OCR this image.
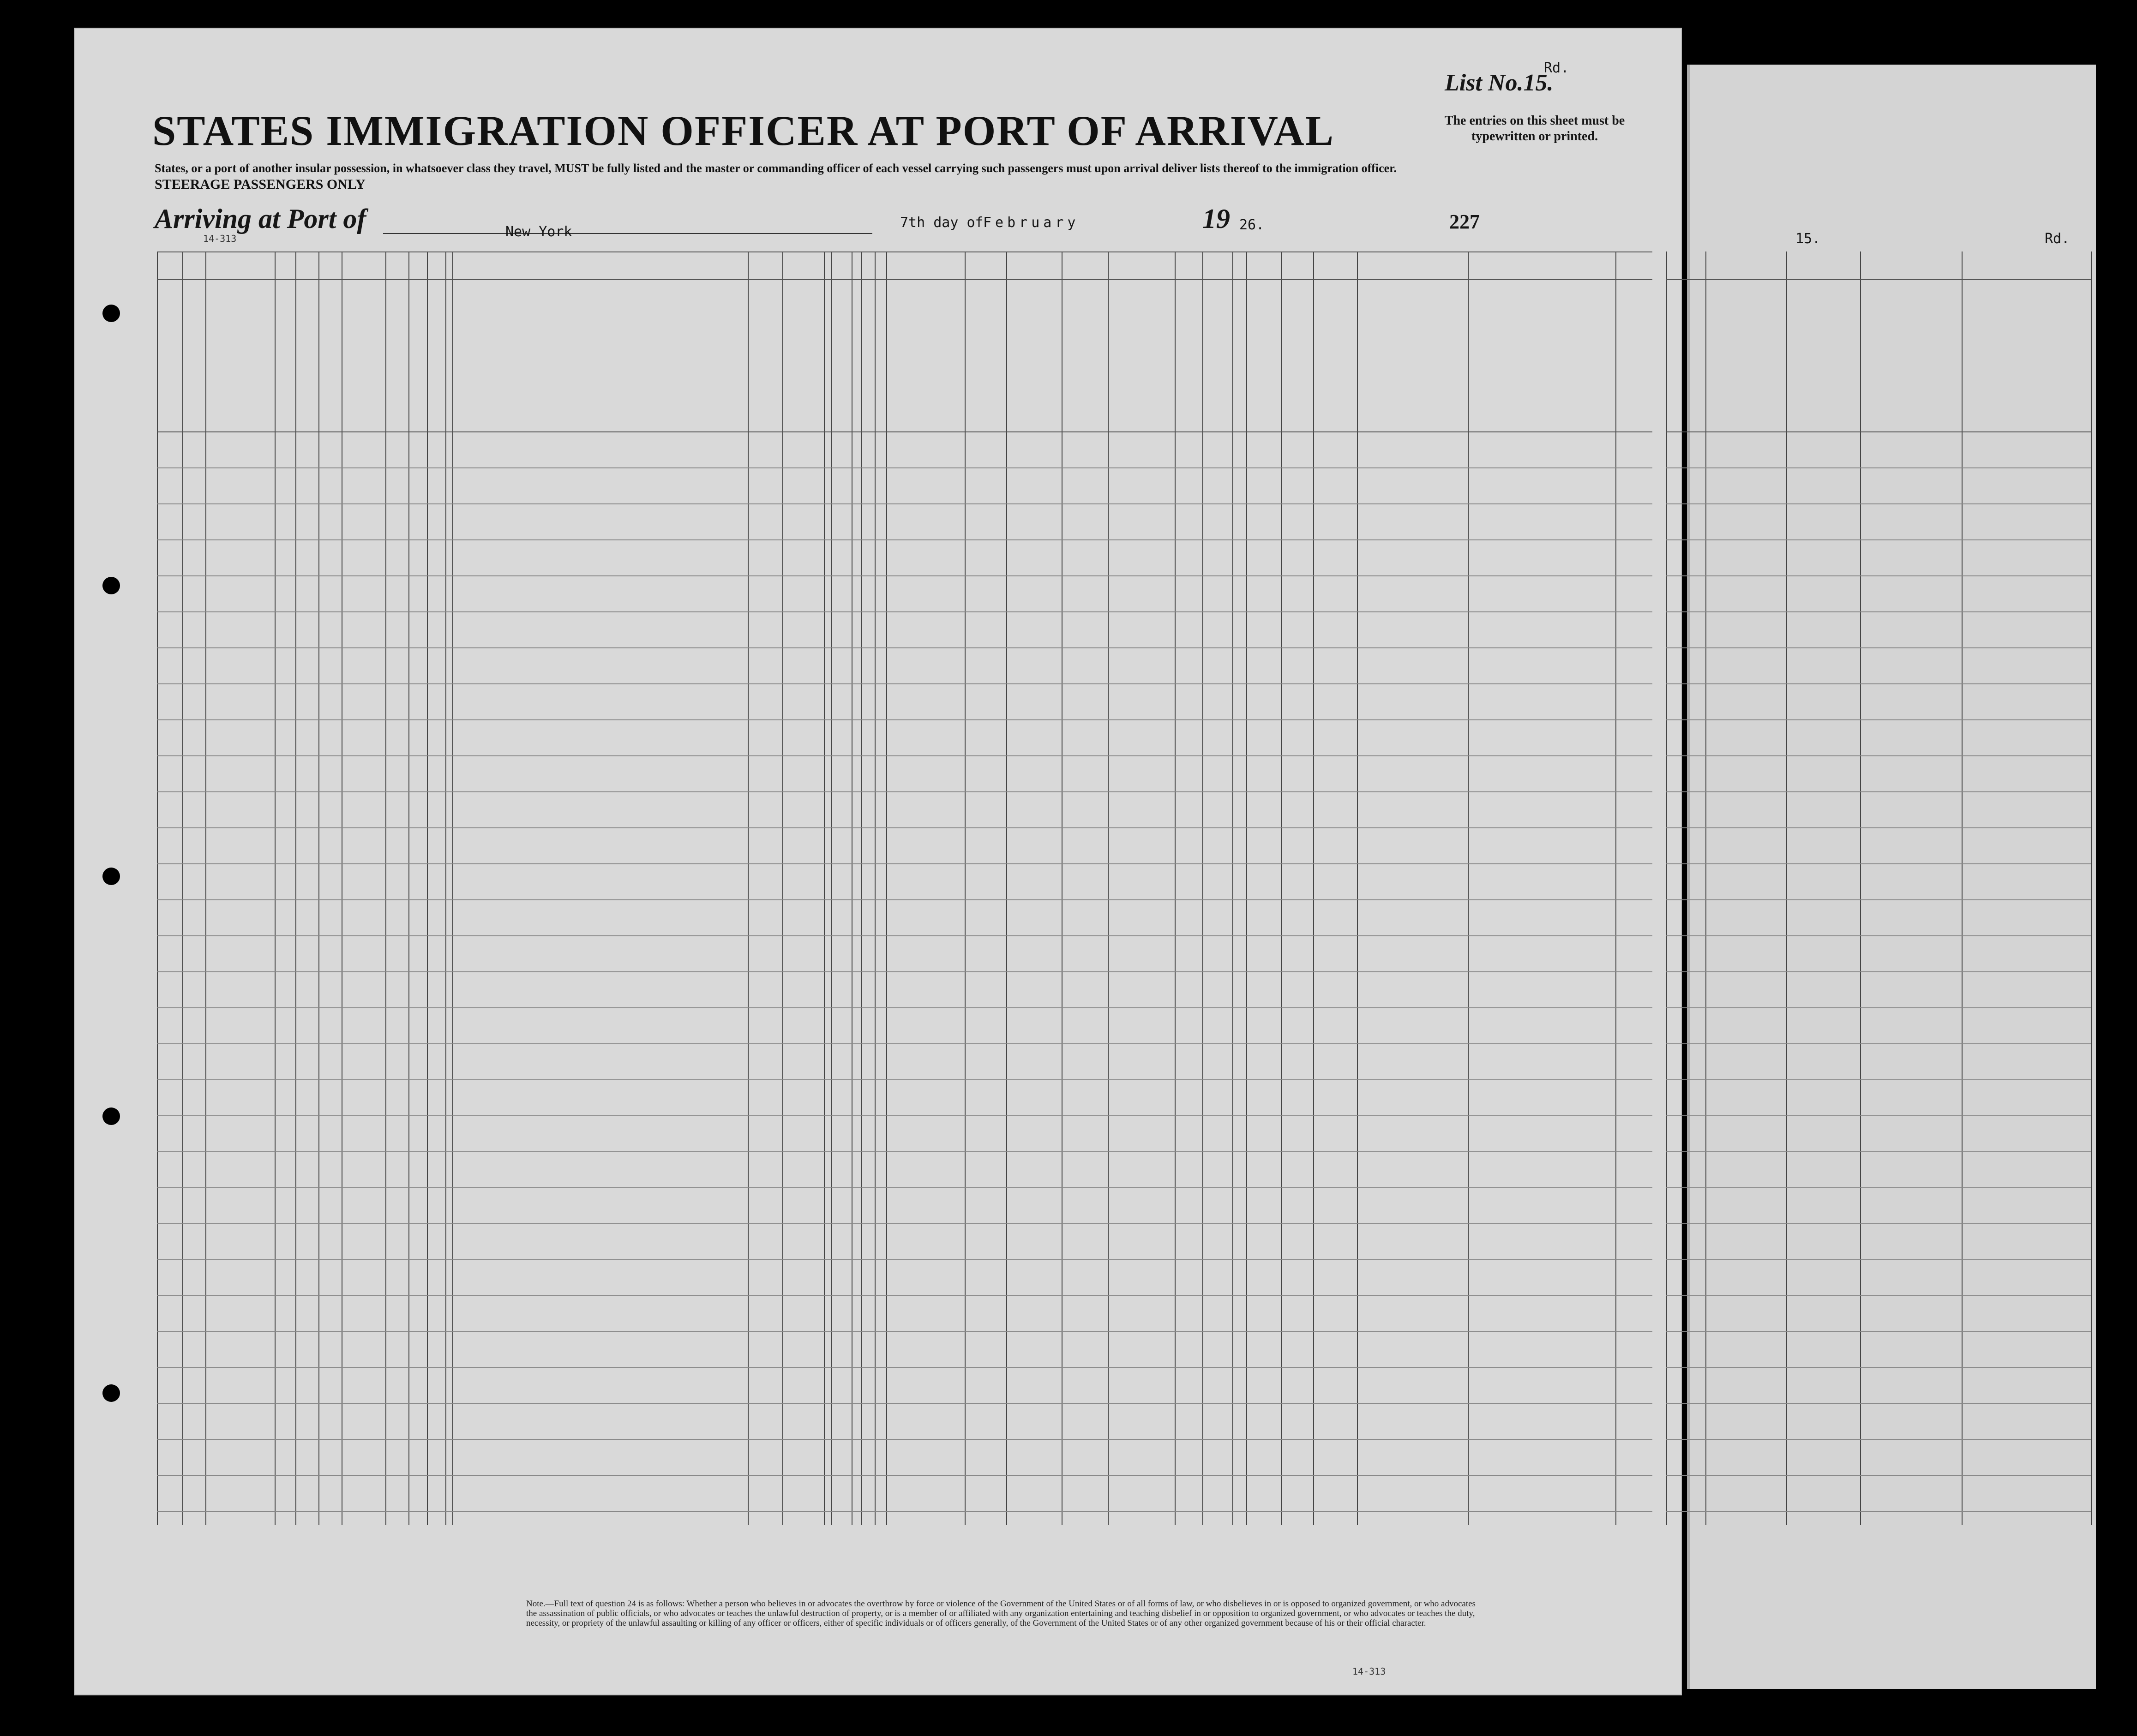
STATES IMMIGRATION OFFICER AT PORT OF ARRIVAL
States, or a port of another insular possession, in whatsoever class they travel, MUST be fully listed and the master or commanding officer of each vessel carrying such passengers must upon arrival deliver lists thereof to the immigration officer.
STEERAGE PASSENGERS ONLY
List No.15.
Rd.
The entries on this sheet must be typewritten or printed.
Arriving at Port of	New York
7th day of February	19 26.	227
15.	Rd.
14-313
Note.—Full text of question 24 is as follows: Whether a person who believes in or advocates the overthrow by force or violence of the Government of the United States or of all forms of law, or who disbelieves in or is opposed to organized government, or who advocates the assassination of public officials, or who advocates or teaches the unlawful destruction of property, or is a member of or affiliated with any organization entertaining and teaching disbelief in or opposition to organized government, or who advocates or teaches the duty, necessity, or propriety of the unlawful assaulting or killing of any officer or officers, either of specific individuals or of officers generally, of the Government of the United States or of any other organized government because of his or their official character.
14-313
